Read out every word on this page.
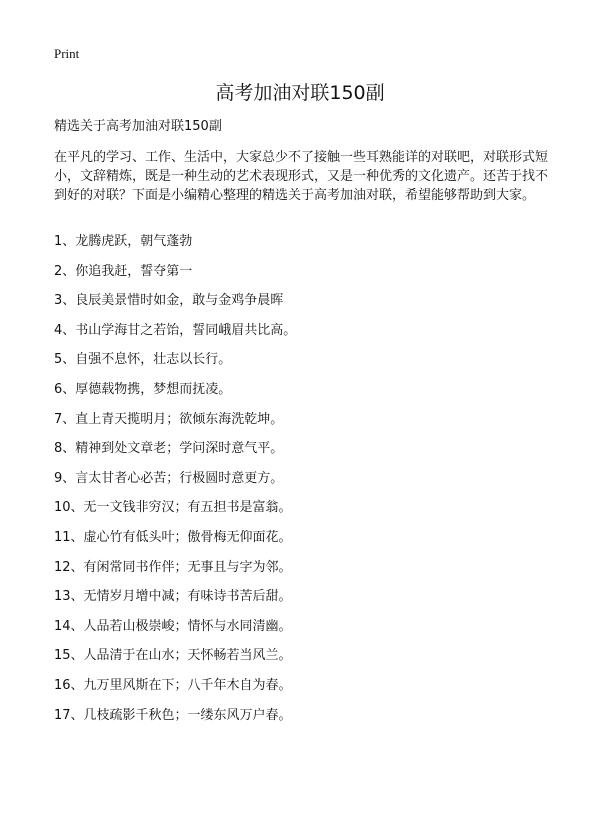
Print
高考加油对联150副
精选关于高考加油对联150副

在平凡的学习、工作、生活中，大家总少不了接触一些耳熟能详的对联吧，对联形式短小，文辞精炼，既是一种生动的艺术表现形式，又是一种优秀的文化遗产。还苦于找不到好的对联？下面是小编精心整理的精选关于高考加油对联，希望能够帮助到大家。

1、龙腾虎跃，朝气蓬勃
2、你追我赶，誓夺第一
3、良辰美景惜时如金，敢与金鸡争晨晖
4、书山学海甘之若饴，誓同峨眉共比高。
5、自强不息怀，壮志以长行。
6、厚德载物携，梦想而抚凌。
7、直上青天揽明月；欲倾东海洗乾坤。
8、精神到处文章老；学问深时意气平。
9、言太甘者心必苦；行极圆时意更方。
10、无一文钱非穷汉；有五担书是富翁。
11、虚心竹有低头叶；傲骨梅无仰面花。
12、有闲常同书作伴；无事且与字为邻。
13、无情岁月增中减；有味诗书苦后甜。
14、人品若山极崇峻；情怀与水同清幽。
15、人品清于在山水；天怀畅若当风兰。
16、九万里风斯在下；八千年木自为春。
17、几枝疏影千秋色；一缕东风万户春。
